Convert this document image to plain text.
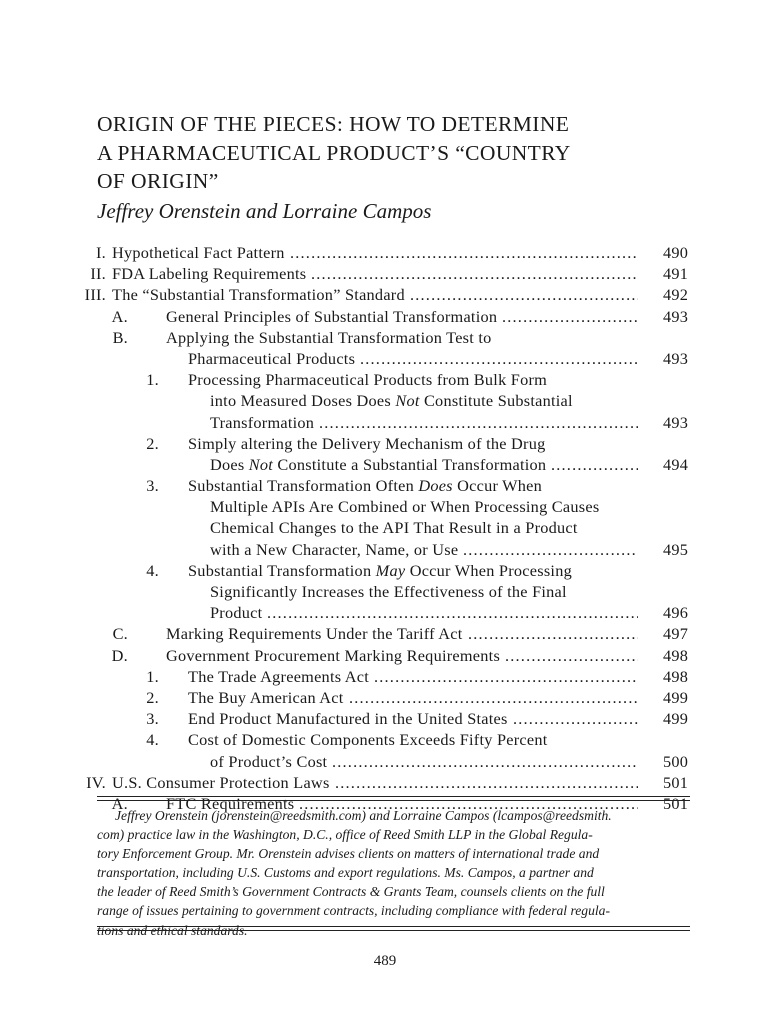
ORIGIN OF THE PIECES: HOW TO DETERMINE
A PHARMACEUTICAL PRODUCT’S “COUNTRY
OF ORIGIN”
Jeffrey Orenstein and Lorraine Campos
I. Hypothetical Fact Pattern	490
.....
II. FDA Labeling Requirements	491
.....
III. The “Substantial Transformation” Standard	492
.....
A. General Principles of Substantial Transformation	493
.....
B. Applying the Substantial Transformation Test to
Pharmaceutical Products	493
.....
1. Processing Pharmaceutical Products from Bulk Form
into Measured Doses Does Not Constitute Substantial
Transformation	493
.....
2. Simply altering the Delivery Mechanism of the Drug
Does Not Constitute a Substantial Transformation	494
.....
3. Substantial Transformation Often Does Occur When
Multiple APIs Are Combined or When Processing Causes
Chemical Changes to the API That Result in a Product
with a New Character, Name, or Use	495
.....
4. Substantial Transformation May Occur When Processing
Significantly Increases the Effectiveness of the Final
Product	496
.....
C. Marking Requirements Under the Tariff Act	497
.....
D. Government Procurement Marking Requirements	498
.....
1. The Trade Agreements Act	498
.....
2. The Buy American Act	499
.....
3. End Product Manufactured in the United States	499
.....
4. Cost of Domestic Components Exceeds Fifty Percent
of Product’s Cost	500
.....
IV. U.S. Consumer Protection Laws	501
.....
A. FTC Requirements	501
.....
Jeffrey Orenstein (jorenstein@reedsmith.com) and Lorraine Campos (lcampos@reedsmith.
com) practice law in the Washington, D.C., office of Reed Smith LLP in the Global Regula-
tory Enforcement Group. Mr. Orenstein advises clients on matters of international trade and
transportation, including U.S. Customs and export regulations. Ms. Campos, a partner and
the leader of Reed Smith’s Government Contracts & Grants Team, counsels clients on the full
range of issues pertaining to government contracts, including compliance with federal regula-
tions and ethical standards.
489
